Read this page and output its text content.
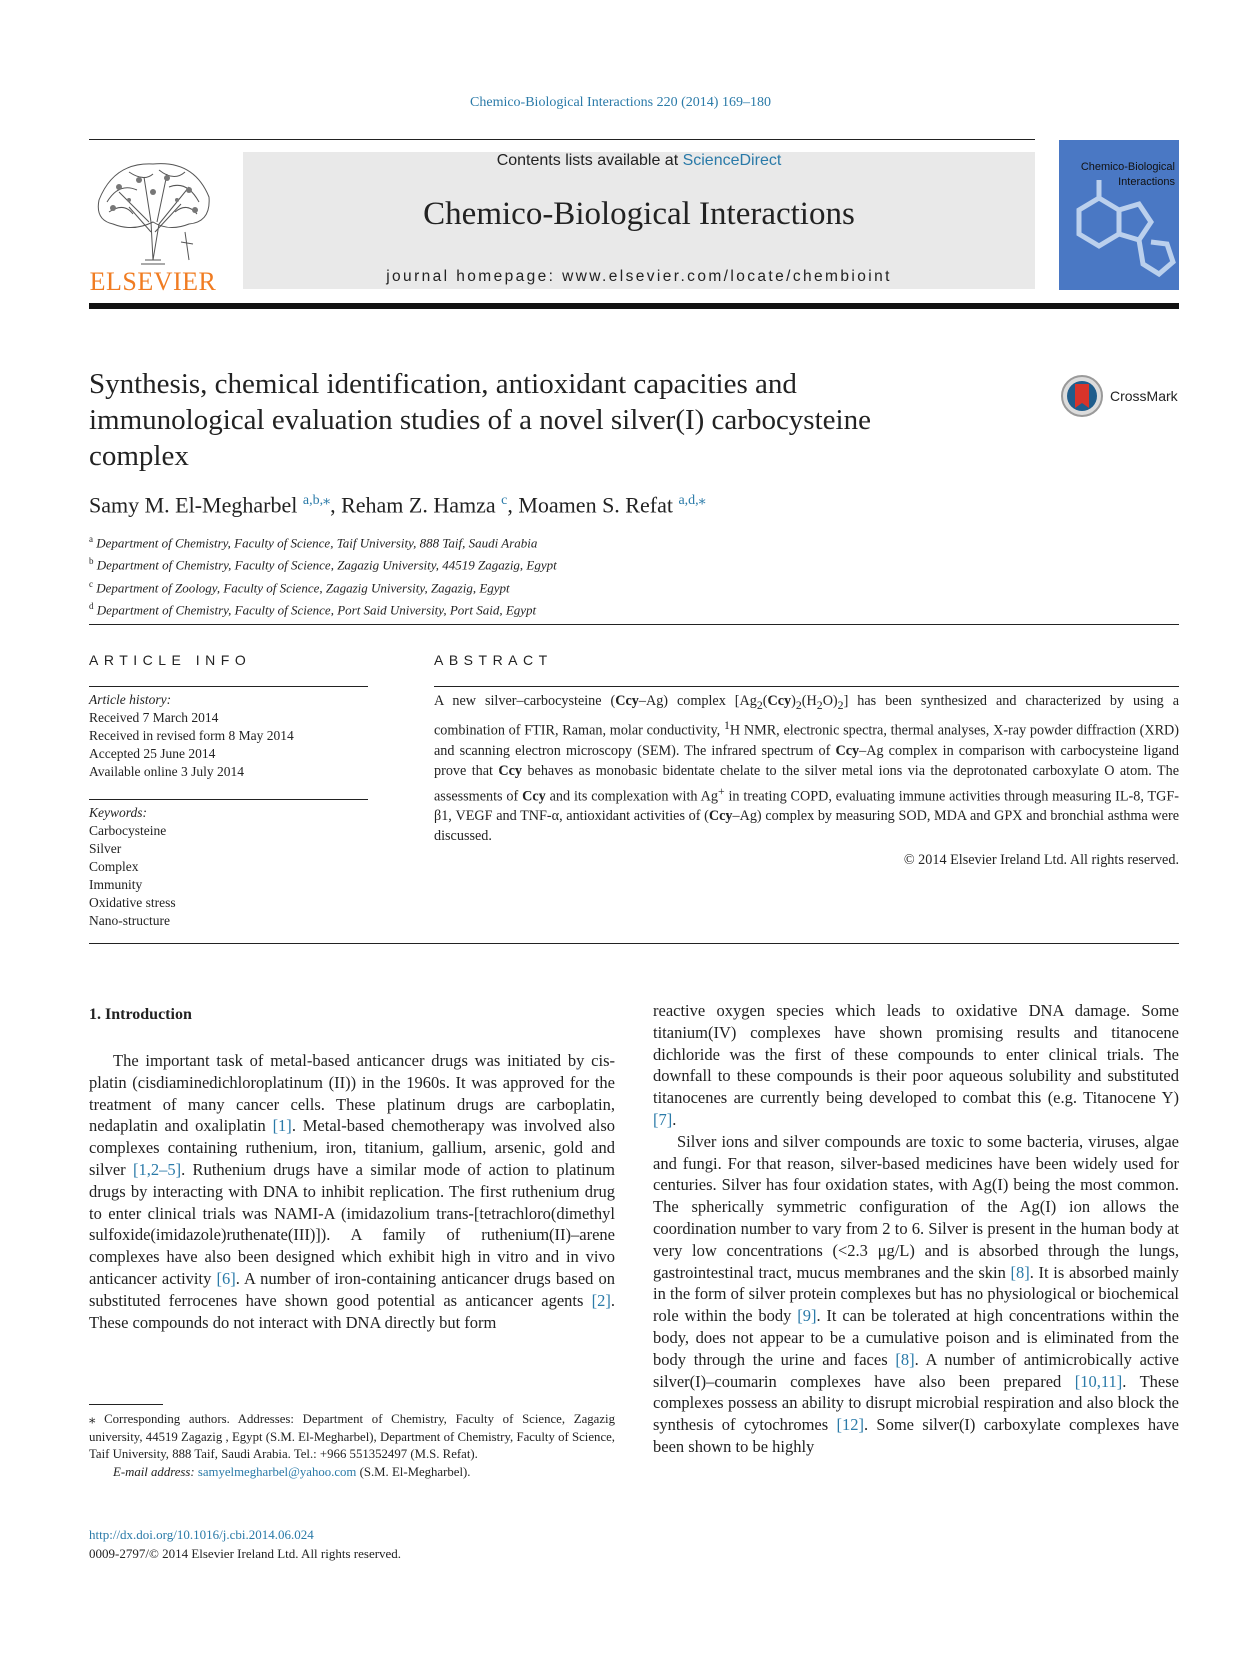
Chemico-Biological Interactions 220 (2014) 169–180
ELSEVIER
Contents lists available at ScienceDirect
Chemico-Biological Interactions
journal homepage: www.elsevier.com/locate/chembioint
Chemico-Biological Interactions
Synthesis, chemical identification, antioxidant capacities and immunological evaluation studies of a novel silver(I) carbocysteine complex
CrossMark
Samy M. El-Megharbel $^{a,b,⁎}$, Reham Z. Hamza $^c$, Moamen S. Refat $^{a,d,⁎}$
$^a$ Department of Chemistry, Faculty of Science, Taif University, 888 Taif, Saudi Arabia
$^b$ Department of Chemistry, Faculty of Science, Zagazig University, 44519 Zagazig, Egypt
$^c$ Department of Zoology, Faculty of Science, Zagazig University, Zagazig, Egypt
$^d$ Department of Chemistry, Faculty of Science, Port Said University, Port Said, Egypt
ARTICLE INFO
Article history:
Received 7 March 2014
Received in revised form 8 May 2014
Accepted 25 June 2014
Available online 3 July 2014
Keywords:
Carbocysteine
Silver
Complex
Immunity
Oxidative stress
Nano-structure
ABSTRACT
A new silver–carbocysteine (Ccy–Ag) complex $[Ag_2(Ccy)_2(H_2O)_2]$ has been synthesized and characterized by using a combination of FTIR, Raman, molar conductivity, $^1$H NMR, electronic spectra, thermal analyses, X-ray powder diffraction (XRD) and scanning electron microscopy (SEM). The infrared spectrum of Ccy–Ag complex in comparison with carbocysteine ligand prove that Ccy behaves as monobasic bidentate chelate to the silver metal ions via the deprotonated carboxylate O atom. The assessments of Ccy and its complexation with Ag+ in treating COPD, evaluating immune activities through measuring IL-8, TGF-β1, VEGF and TNF-α, antioxidant activities of (Ccy–Ag) complex by measuring SOD, MDA and GPX and bronchial asthma were discussed.
© 2014 Elsevier Ireland Ltd. All rights reserved.
1. Introduction

The important task of metal-based anticancer drugs was initiated by cis-platin (cisdiaminedichloroplatinum (II)) in the 1960s. It was approved for the treatment of many cancer cells. These platinum drugs are carboplatin, nedaplatin and oxaliplatin [1]. Metal-based chemotherapy was involved also complexes containing ruthenium, iron, titanium, gallium, arsenic, gold and silver [1,2–5]. Ruthenium drugs have a similar mode of action to platinum drugs by interacting with DNA to inhibit replication. The first ruthenium drug to enter clinical trials was NAMI-A (imidazolium trans-[tetrachloro(dimethyl sulfoxide(imidazole)ruthenate(III)]). A family of ruthenium(II)–arene complexes have also been designed which exhibit high in vitro and in vivo anticancer activity [6]. A number of iron-containing anticancer drugs based on substituted ferrocenes have shown good potential as anticancer agents [2]. These compounds do not interact with DNA directly but form

reactive oxygen species which leads to oxidative DNA damage. Some titanium(IV) complexes have shown promising results and titanocene dichloride was the first of these compounds to enter clinical trials. The downfall to these compounds is their poor aqueous solubility and substituted titanocenes are currently being developed to combat this (e.g. Titanocene Y) [7].

Silver ions and silver compounds are toxic to some bacteria, viruses, algae and fungi. For that reason, silver-based medicines have been widely used for centuries. Silver has four oxidation states, with Ag(I) being the most common. The spherically symmetric configuration of the Ag(I) ion allows the coordination number to vary from 2 to 6. Silver is present in the human body at very low concentrations (<2.3 μg/L) and is absorbed through the lungs, gastrointestinal tract, mucus membranes and the skin [8]. It is absorbed mainly in the form of silver protein complexes but has no physiological or biochemical role within the body [9]. It can be tolerated at high concentrations within the body, does not appear to be a cumulative poison and is eliminated from the body through the urine and faces [8]. A number of antimicrobically active silver(I)–coumarin complexes have also been prepared [10,11]. These complexes possess an ability to disrupt microbial respiration and also block the synthesis of cytochromes [12]. Some silver(I) carboxylate complexes have been shown to be highly

⁎ Corresponding authors. Addresses: Department of Chemistry, Faculty of Science, Zagazig university, 44519 Zagazig , Egypt (S.M. El-Megharbel), Department of Chemistry, Faculty of Science, Taif University, 888 Taif, Saudi Arabia. Tel.: +966 551352497 (M.S. Refat).
E-mail address: samyelmegharbel@yahoo.com (S.M. El-Megharbel).
http://dx.doi.org/10.1016/j.cbi.2014.06.024
0009-2797/© 2014 Elsevier Ireland Ltd. All rights reserved.
